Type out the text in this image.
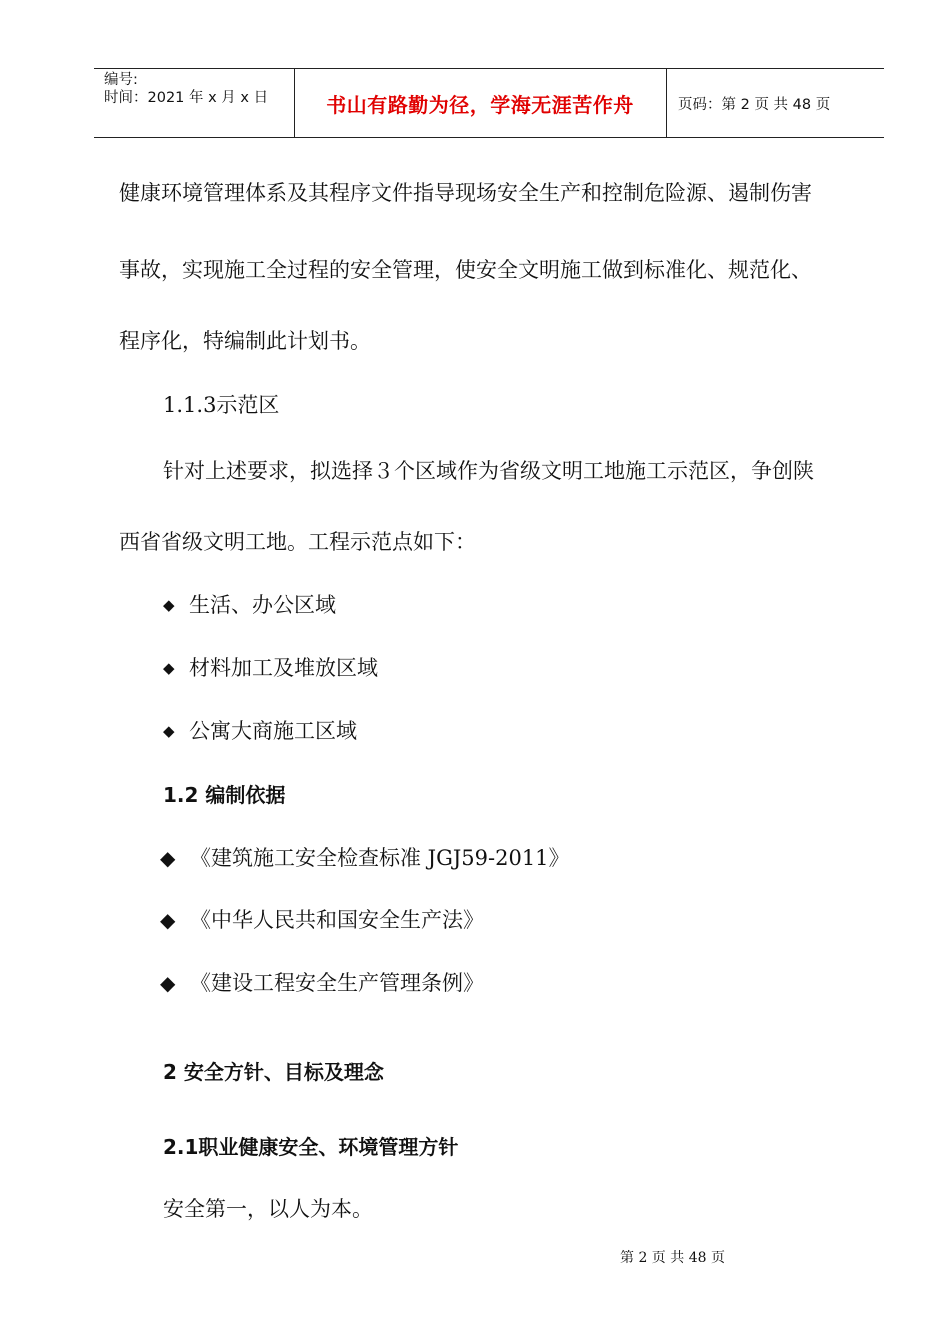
编号:
时间：2021 年 x 月 x 日	书山有路勤为径，学海无涯苦作舟	页码：第 2 页 共 48 页
健康环境管理体系及其程序文件指导现场安全生产和控制危险源、遏制伤害
事故，实现施工全过程的安全管理，使安全文明施工做到标准化、规范化、
程序化，特编制此计划书。
1.1.3示范区
针对上述要求，拟选择３个区域作为省级文明工地施工示范区，争创陕
西省省级文明工地。工程示范点如下：
◆ 生活、办公区域
◆ 材料加工及堆放区域
◆ 公寓大商施工区域
1.2 编制依据
◆ 《建筑施工安全检查标准 JGJ59-2011》
◆ 《中华人民共和国安全生产法》
◆ 《建设工程安全生产管理条例》
2 安全方针、目标及理念
2.1职业健康安全、环境管理方针
安全第一，以人为本。
第 2 页 共 48 页
